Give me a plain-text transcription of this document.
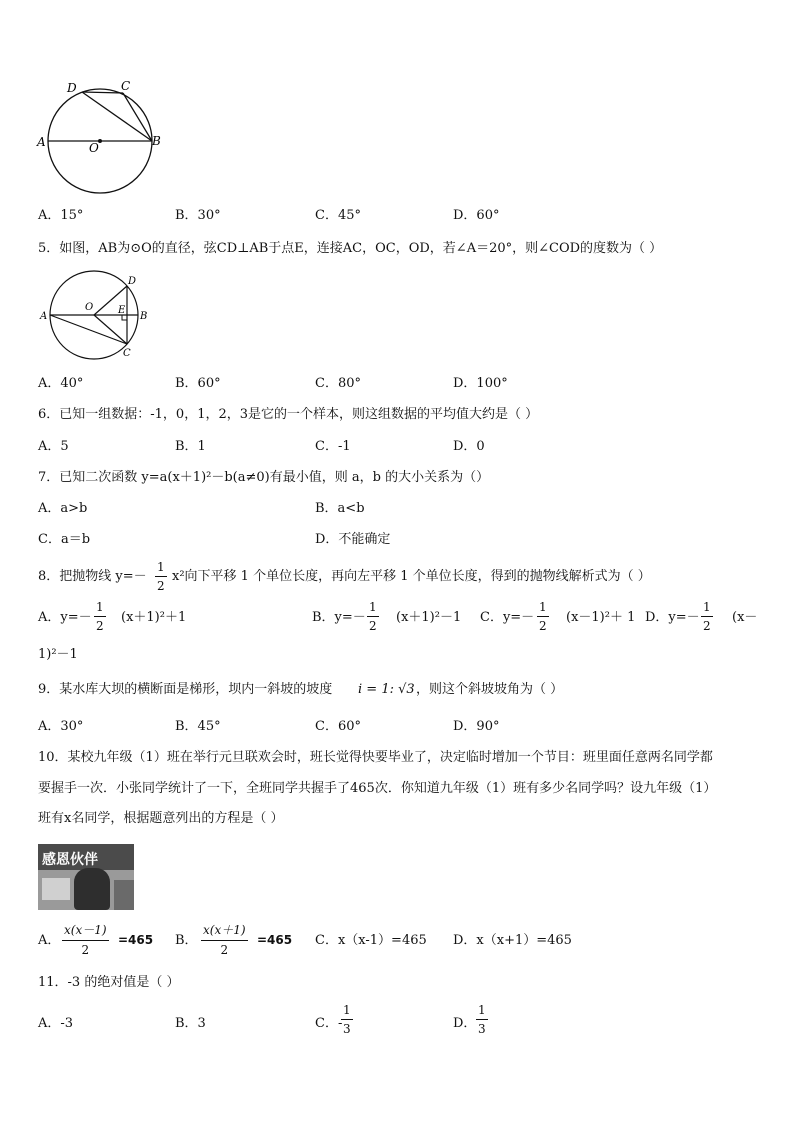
A	O	B
D	C
A．15°	B．30°	C．45°	D．60°
5．如图，AB为⊙O的直径，弦CD⊥AB于点E，连接AC，OC，OD，若∠A＝20°，则∠COD的度数为（ ）
A
O E
D
B
C
A．40°	B．60°	C．80°	D．100°
6．已知一组数据：-1，0，1，2，3是它的一个样本，则这组数据的平均值大约是（ ）
A．5	B．1	C．-1	D．0
7．已知二次函数 y=a(x＋1)²－b(a≠0)有最小值，则 a，b 的大小关系为（）
A．a>b	B．a<b
C．a＝b	D．不能确定
8．把抛物线 y=－
1
2
x²向下平移 1 个单位长度，再向左平移 1 个单位长度，得到的抛物线解析式为（ ）
A．y=－
1
2
(x＋1)²＋1	B．y=－
1
2
(x＋1)²－1 C．y=－
1
2
(x－1)²＋ 1 D．y=－
1
2
(x－
1)²－1
9．某水库大坝的横断面是梯形，坝内一斜坡的坡度 i = 1: √3 ，则这个斜坡坡角为（ ）
A．30°	B．45°	C．60°	D．90°
10．某校九年级（1）班在举行元旦联欢会时，班长觉得快要毕业了，决定临时增加一个节目：班里面任意两名同学都
要握手一次．小张同学统计了一下，全班同学共握手了465次．你知道九年级（1）班有多少名同学吗？设九年级（1）
班有x名同学，根据题意列出的方程是（ ）
感恩伙伴
A．
x(x－1)
2
=465 B．
x(x＋1)
2
=465 C．x（x-1）=465 D．x（x+1）=465
11．-3 的绝对值是（ ）
A．-3	B．3	C．-
1
3	D．
1
3
